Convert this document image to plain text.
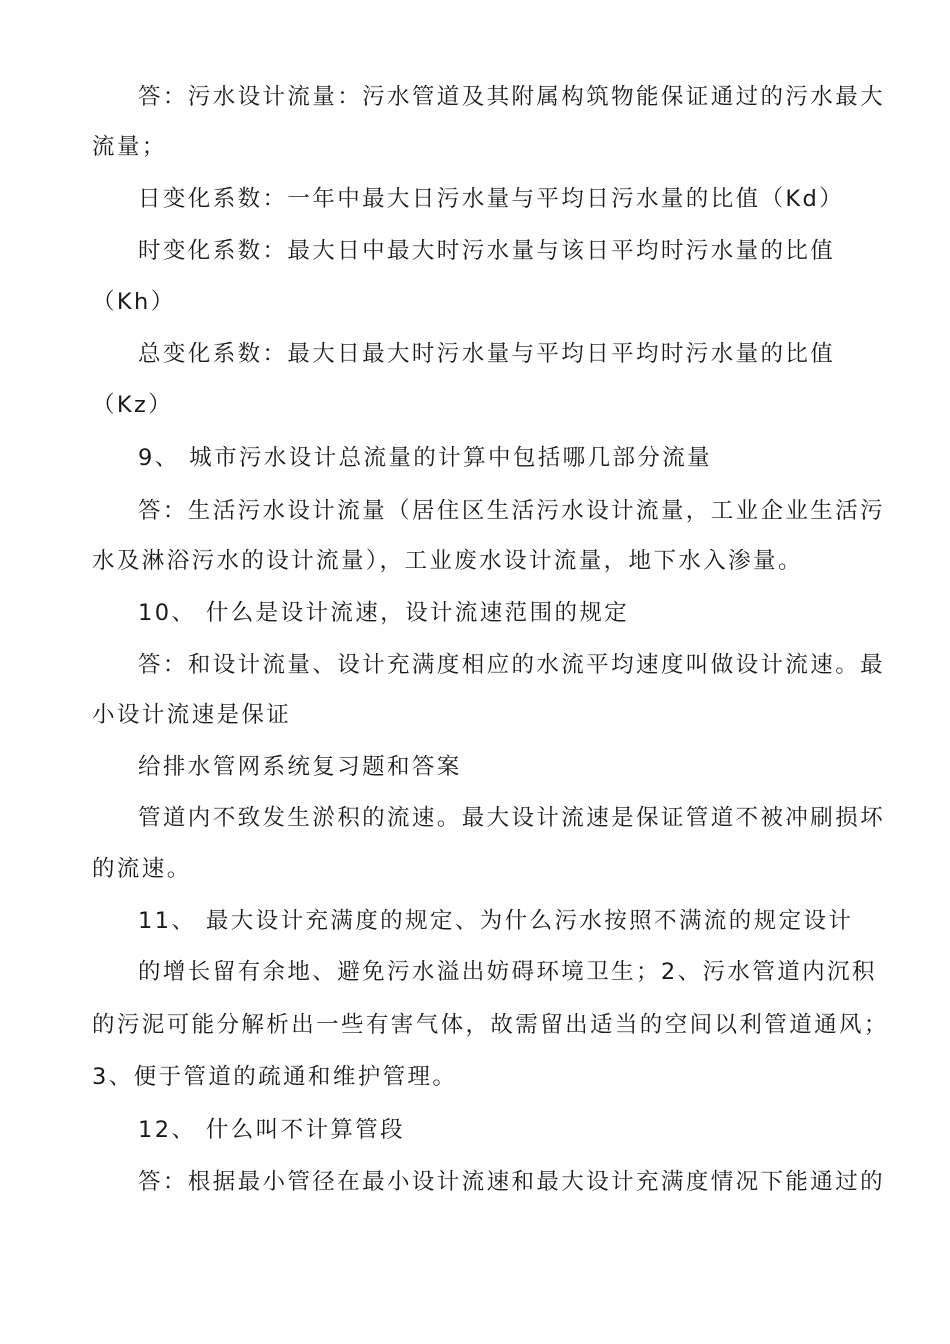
答：污水设计流量：污水管道及其附属构筑物能保证通过的污水最大
流量；
日变化系数：一年中最大日污水量与平均日污水量的比值（Kd）
时变化系数：最大日中最大时污水量与该日平均时污水量的比值
（Kh）
总变化系数：最大日最大时污水量与平均日平均时污水量的比值
（Kz）
9、 城市污水设计总流量的计算中包括哪几部分流量
答：生活污水设计流量（居住区生活污水设计流量，工业企业生活污
水及淋浴污水的设计流量），工业废水设计流量，地下水入渗量。
10、 什么是设计流速，设计流速范围的规定
答：和设计流量、设计充满度相应的水流平均速度叫做设计流速。最
小设计流速是保证
给排水管网系统复习题和答案
管道内不致发生淤积的流速。最大设计流速是保证管道不被冲刷损坏
的流速。
11、 最大设计充满度的规定、为什么污水按照不满流的规定设计
的增长留有余地、避免污水溢出妨碍环境卫生；2、污水管道内沉积
的污泥可能分解析出一些有害气体，故需留出适当的空间以利管道通风；
3、便于管道的疏通和维护管理。
12、 什么叫不计算管段
答：根据最小管径在最小设计流速和最大设计充满度情况下能通过的
